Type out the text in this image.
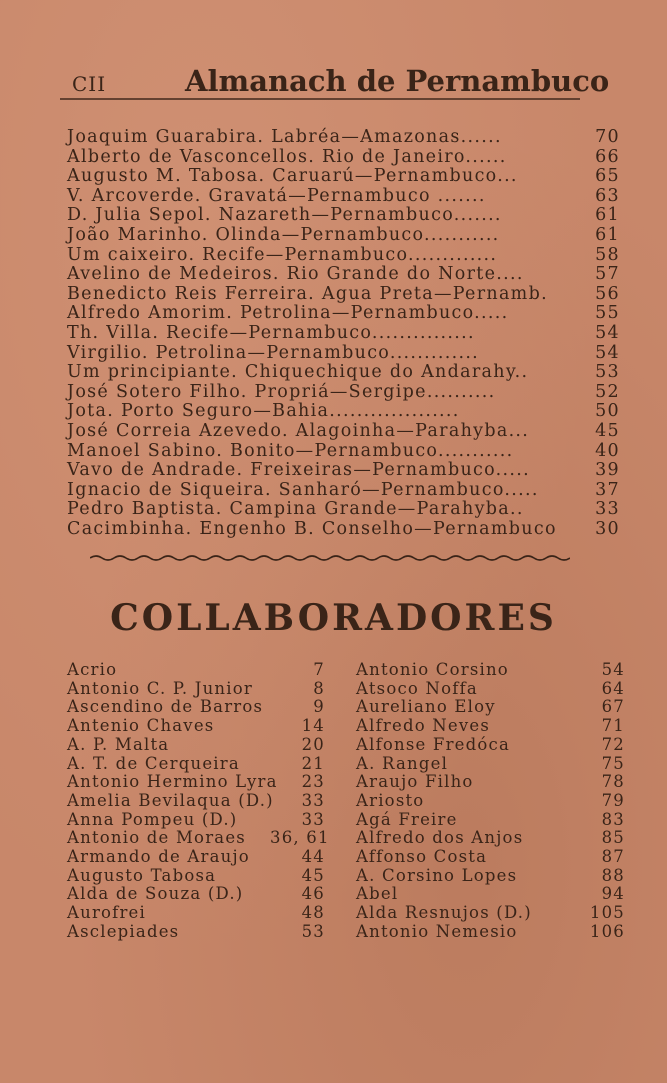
CII	Almanach de Pernambuco
Joaquim Guarabira. Labréa—Amazonas......	70
Alberto de Vasconcellos. Rio de Janeiro......	66
Augusto M. Tabosa. Caruarú—Pernambuco...	65
V. Arcoverde. Gravatá—Pernambuco .......	63
D. Julia Sepol. Nazareth—Pernambuco.......	61
João Marinho. Olinda—Pernambuco...........	61
Um caixeiro. Recife—Pernambuco.............	58
Avelino de Medeiros. Rio Grande do Norte....	57
Benedicto Reis Ferreira. Agua Preta—Pernamb.	56
Alfredo Amorim. Petrolina—Pernambuco.....	55
Th. Villa. Recife—Pernambuco...............	54
Virgilio. Petrolina—Pernambuco.............	54
Um principiante. Chiquechique do Andarahy..	53
José Sotero Filho. Propriá—Sergipe..........	52
Jota. Porto Seguro—Bahia...................	50
José Correia Azevedo. Alagoinha—Parahyba...	45
Manoel Sabino. Bonito—Pernambuco...........	40
Vavo de Andrade. Freixeiras—Pernambuco.....	39
Ignacio de Siqueira. Sanharó—Pernambuco.....	37
Pedro Baptista. Campina Grande—Parahyba..	33
Cacimbinha. Engenho B. Conselho—Pernambuco	30
COLLABORADORES
Acrio	7
Antonio C. P. Junior	8
Ascendino de Barros	9
Antenio Chaves	14
A. P. Malta	20
A. T. de Cerqueira	21
Antonio Hermino Lyra	23
Amelia Bevilaqua (D.)	33
Anna Pompeu (D.)	33
Antonio de Moraes 36, 61
Armando de Araujo	44
Augusto Tabosa	45
Alda de Souza (D.)	46
Aurofrei	48
Asclepiades	53
Antonio Corsino	54
Atsoco Noffa	64
Aureliano Eloy	67
Alfredo Neves	71
Alfonse Fredóca	72
A. Rangel	75
Araujo Filho	78
Ariosto	79
Agá Freire	83
Alfredo dos Anjos	85
Affonso Costa	87
A. Corsino Lopes	88
Abel	94
Alda Resnujos (D.)	105
Antonio Nemesio	106
